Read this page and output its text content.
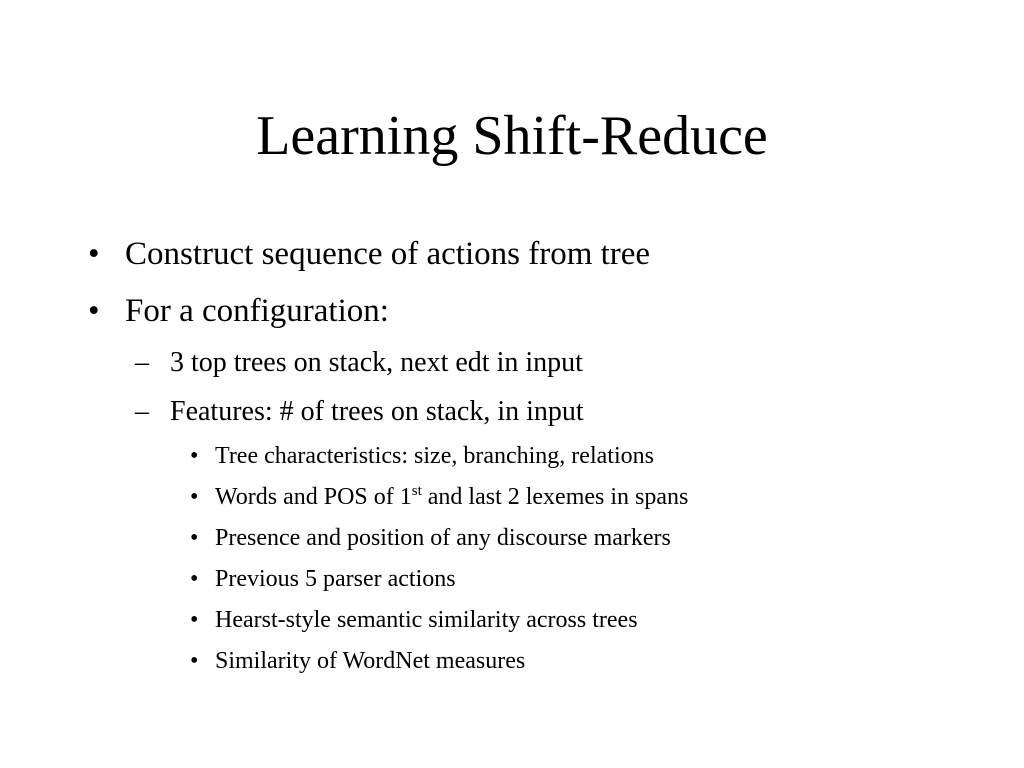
Learning Shift-Reduce
• Construct sequence of actions from tree
• For a configuration:
– 3 top trees on stack, next edt in input
– Features: # of trees on stack, in input
• Tree characteristics: size, branching, relations
• Words and POS of 1st and last 2 lexemes in spans
• Presence and position of any discourse markers
• Previous 5 parser actions
• Hearst-style semantic similarity across trees
• Similarity of WordNet measures
